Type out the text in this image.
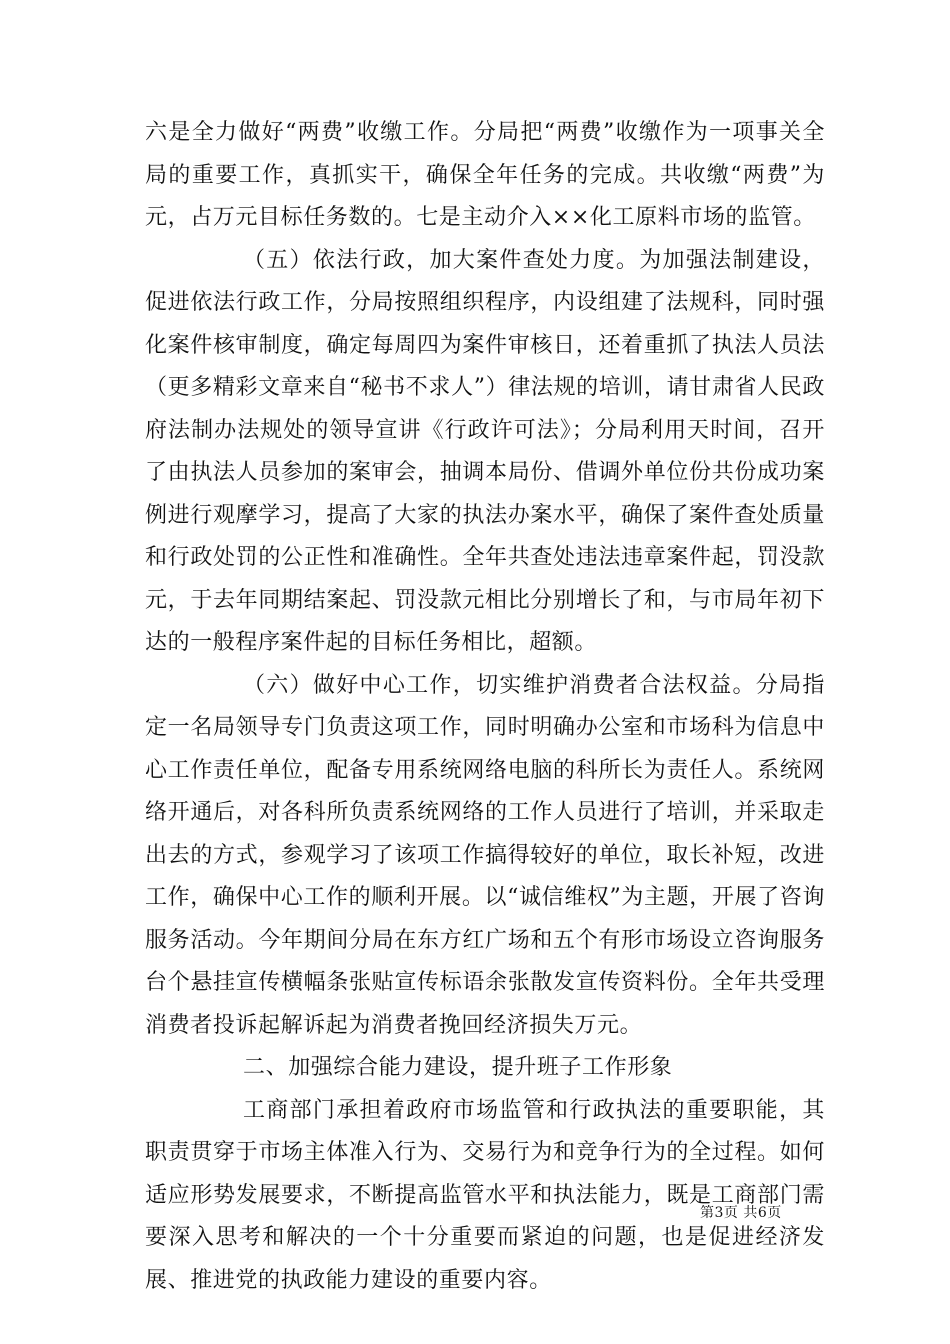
六是全力做好“两费”收缴工作。分局把“两费”收缴作为一项事关全局的重要工作，真抓实干，确保全年任务的完成。共收缴“两费”为元，占万元目标任务数的。七是主动介入××化工原料市场的监管。

（五）依法行政，加大案件查处力度。为加强法制建设，促进依法行政工作，分局按照组织程序，内设组建了法规科，同时强化案件核审制度，确定每周四为案件审核日，还着重抓了执法人员法（更多精彩文章来自“秘书不求人”）律法规的培训，请甘肃省人民政府法制办法规处的领导宣讲《行政许可法》；分局利用天时间，召开了由执法人员参加的案审会，抽调本局份、借调外单位份共份成功案例进行观摩学习，提高了大家的执法办案水平，确保了案件查处质量和行政处罚的公正性和准确性。全年共查处违法违章案件起，罚没款元，于去年同期结案起、罚没款元相比分别增长了和，与市局年初下达的一般程序案件起的目标任务相比，超额。

（六）做好中心工作，切实维护消费者合法权益。分局指定一名局领导专门负责这项工作，同时明确办公室和市场科为信息中心工作责任单位，配备专用系统网络电脑的科所长为责任人。系统网络开通后，对各科所负责系统网络的工作人员进行了培训，并采取走出去的方式，参观学习了该项工作搞得较好的单位，取长补短，改进工作，确保中心工作的顺利开展。以“诚信维权”为主题，开展了咨询服务活动。今年期间分局在东方红广场和五个有形市场设立咨询服务台个悬挂宣传横幅条张贴宣传标语余张散发宣传资料份。全年共受理消费者投诉起解诉起为消费者挽回经济损失万元。

二、加强综合能力建设，提升班子工作形象

工商部门承担着政府市场监管和行政执法的重要职能，其职责贯穿于市场主体准入行为、交易行为和竞争行为的全过程。如何适应形势发展要求，不断提高监管水平和执法能力，既是工商部门需要深入思考和解决的一个十分重要而紧迫的问题，也是促进经济发展、推进党的执政能力建设的重要内容。

第3页 共6页
